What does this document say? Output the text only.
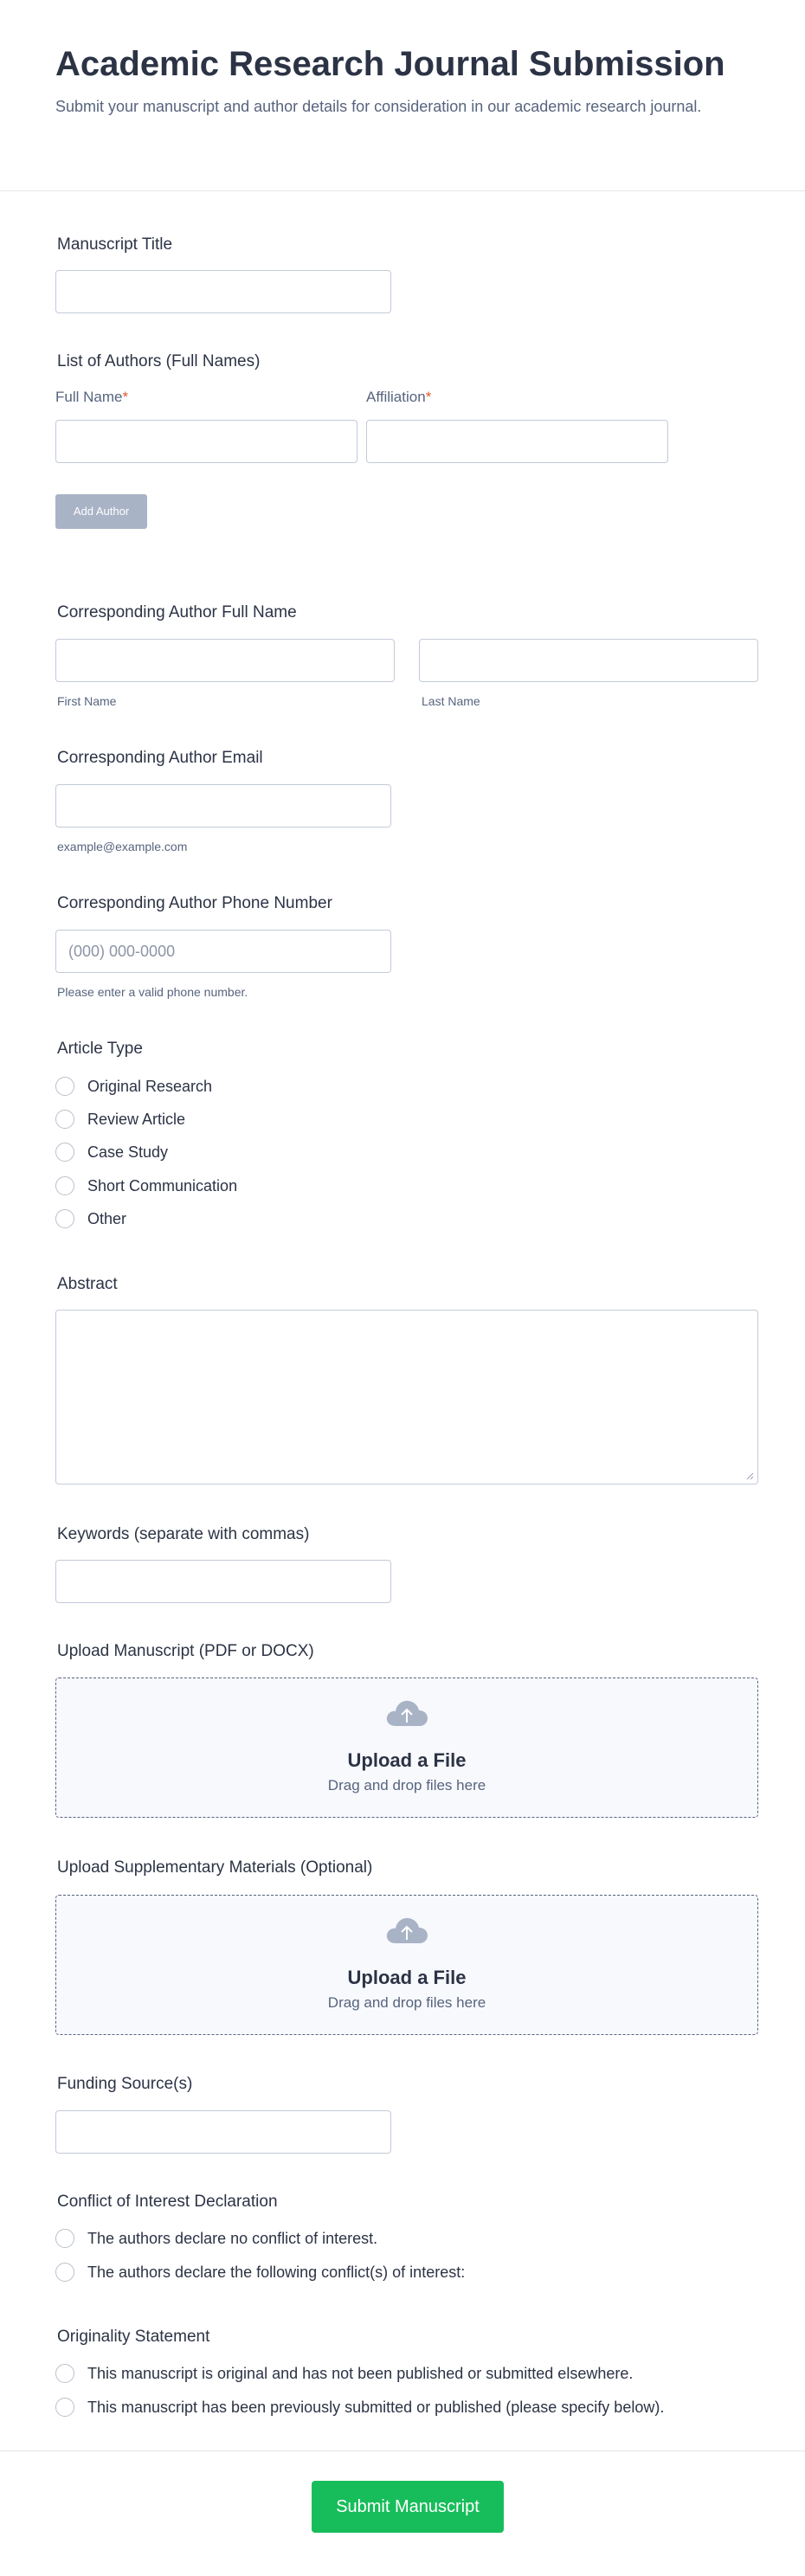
Academic Research Journal Submission
Submit your manuscript and author details for consideration in our academic research journal.
Manuscript Title
List of Authors (Full Names)
Full Name*	Affiliation*
Add Author
Corresponding Author Full Name
First Name	Last Name
Corresponding Author Email
example@example.com
Corresponding Author Phone Number
(000) 000-0000
Please enter a valid phone number.
Article Type
Original Research
Review Article
Case Study
Short Communication
Other
Abstract
Keywords (separate with commas)
Upload Manuscript (PDF or DOCX)
Upload a File
Drag and drop files here
Upload Supplementary Materials (Optional)
Upload a File
Drag and drop files here
Funding Source(s)
Conflict of Interest Declaration
The authors declare no conflict of interest.
The authors declare the following conflict(s) of interest:
Originality Statement
This manuscript is original and has not been published or submitted elsewhere.
This manuscript has been previously submitted or published (please specify below).
Submit Manuscript
